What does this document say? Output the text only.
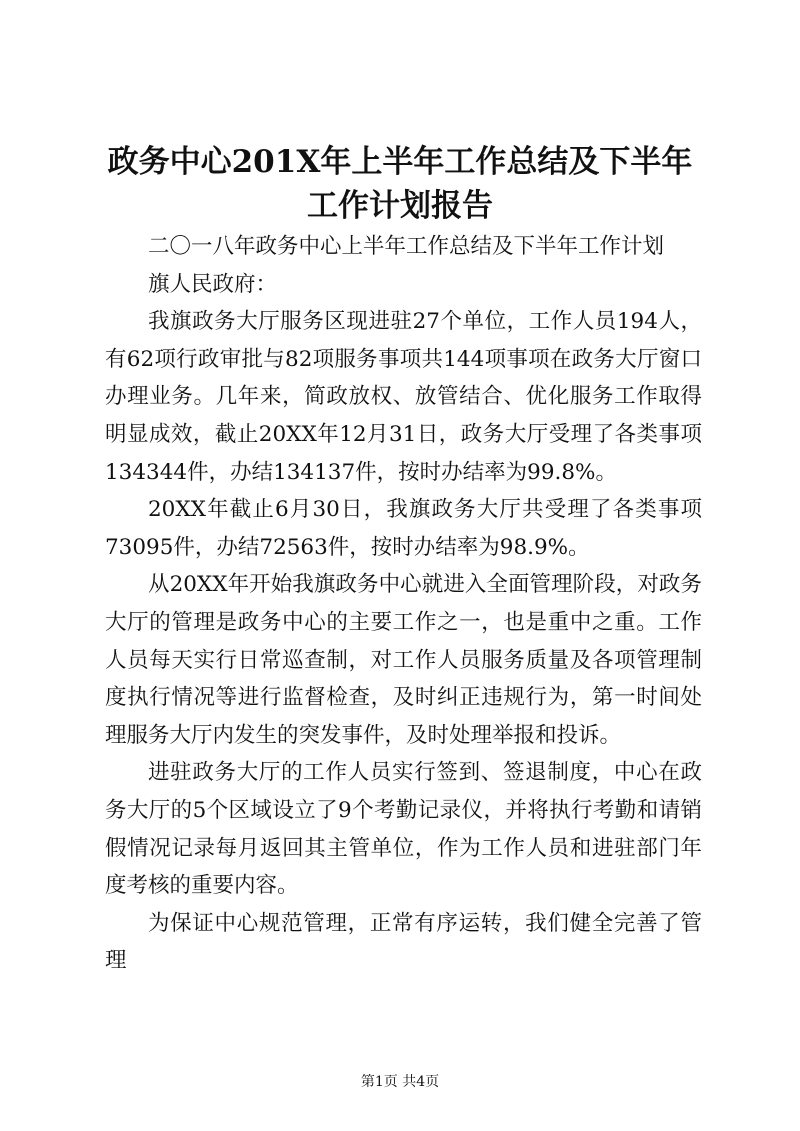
政务中心201X年上半年工作总结及下半年工作计划报告

二〇一八年政务中心上半年工作总结及下半年工作计划

旗人民政府：

我旗政务大厅服务区现进驻27个单位，工作人员194人，有62项行政审批与82项服务事项共144项事项在政务大厅窗口办理业务。几年来，简政放权、放管结合、优化服务工作取得明显成效，截止20XX年12月31日，政务大厅受理了各类事项134344件，办结134137件，按时办结率为99.8%。

20XX年截止6月30日，我旗政务大厅共受理了各类事项73095件，办结72563件，按时办结率为98.9%。

从20XX年开始我旗政务中心就进入全面管理阶段，对政务大厅的管理是政务中心的主要工作之一，也是重中之重。工作人员每天实行日常巡查制，对工作人员服务质量及各项管理制度执行情况等进行监督检查，及时纠正违规行为，第一时间处理服务大厅内发生的突发事件，及时处理举报和投诉。

进驻政务大厅的工作人员实行签到、签退制度，中心在政务大厅的5个区域设立了9个考勤记录仪，并将执行考勤和请销假情况记录每月返回其主管单位，作为工作人员和进驻部门年度考核的重要内容。

为保证中心规范管理，正常有序运转，我们健全完善了管理

第1页 共4页
